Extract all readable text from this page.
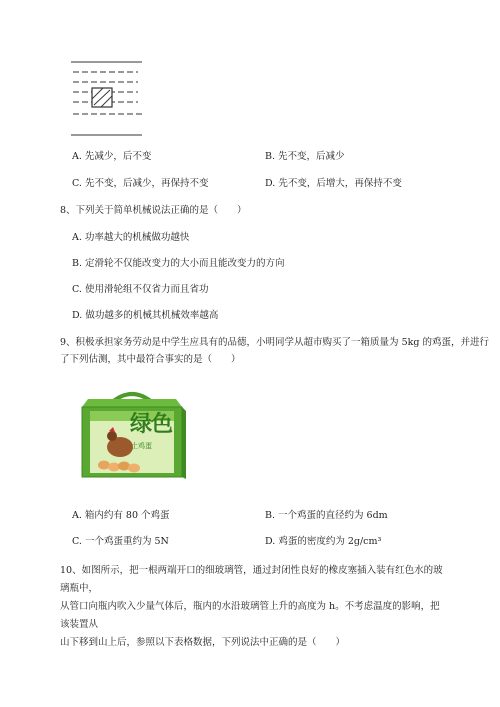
A. 先减少，后不变	B. 先不变，后减少
C. 先不变，后减少，再保持不变	D. 先不变，后增大，再保持不变
8、下列关于简单机械说法正确的是（　　）
A. 功率越大的机械做功越快
B. 定滑轮不仅能改变力的大小而且能改变力的方向
C. 使用滑轮组不仅省力而且省功
D. 做功越多的机械其机械效率越高
9、积极承担家务劳动是中学生应具有的品德，小明同学从超市购买了一箱质量为 5kg 的鸡蛋，并进行
了下列估测，其中最符合事实的是（　　）
绿色
土鸡蛋
A. 箱内约有 80 个鸡蛋	B. 一个鸡蛋的直径约为 6dm
C. 一个鸡蛋重约为 5N	D. 鸡蛋的密度约为 2g/cm³
10、如图所示，把一根两端开口的细玻璃管，通过封闭性良好的橡皮塞插入装有红色水的玻璃瓶中，
从管口向瓶内吹入少量气体后，瓶内的水沿玻璃管上升的高度为 h。不考虑温度的影响，把该装置从
山下移到山上后，参照以下表格数据，下列说法中正确的是（　　）
